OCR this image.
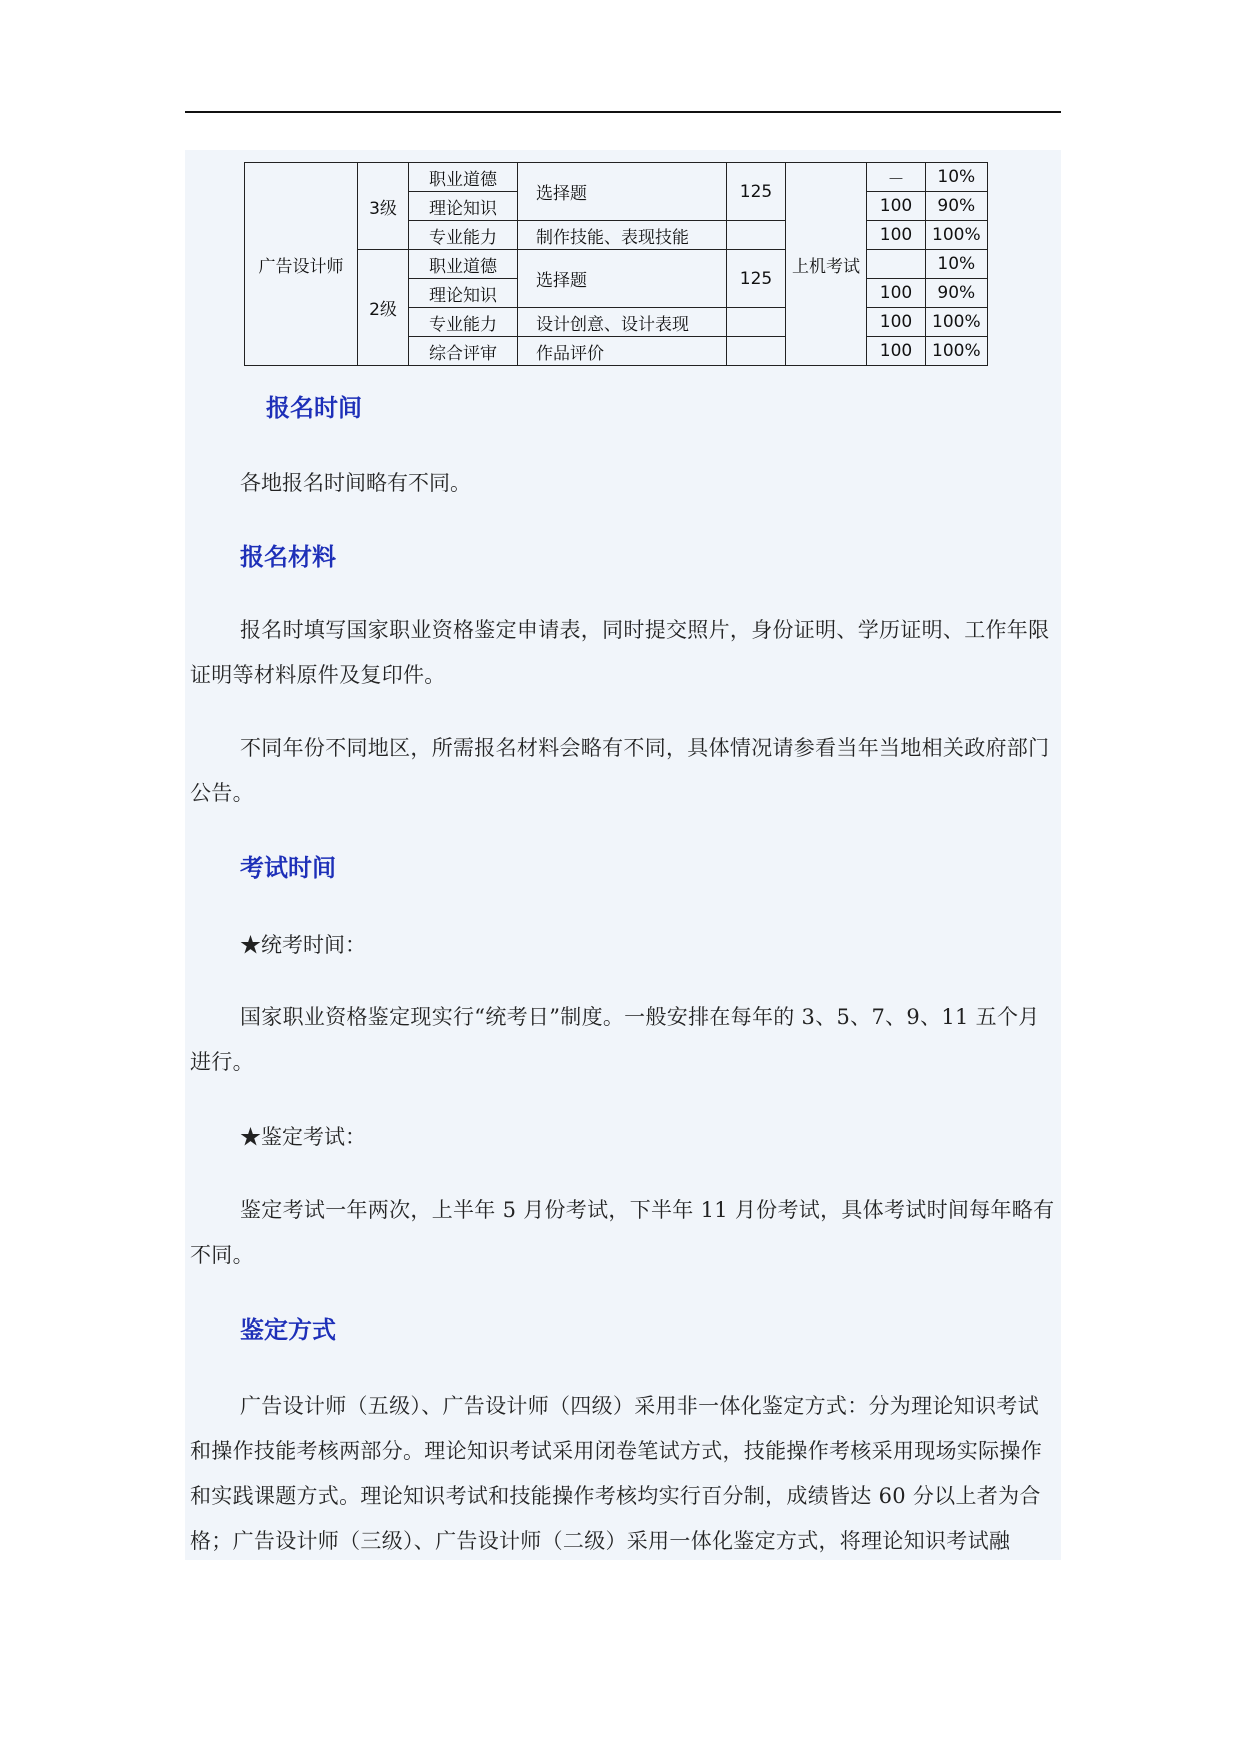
广告设计师	3级	职业道德	选择题	125	上机考试	－	10%
		理论知识				100	90%
		专业能力	制作技能、表现技能			100	100%
	2级	职业道德	选择题	125			10%
		理论知识				100	90%
		专业能力	设计创意、设计表现			100	100%
		综合评审	作品评价			100	100%
报名时间

各地报名时间略有不同。

报名材料

报名时填写国家职业资格鉴定申请表，同时提交照片，身份证明、学历证明、工作年限证明等材料原件及复印件。

不同年份不同地区，所需报名材料会略有不同，具体情况请参看当年当地相关政府部门公告。

考试时间

★统考时间：

国家职业资格鉴定现实行“统考日”制度。一般安排在每年的 3、5、7、9、11 五个月进行。

★鉴定考试：

鉴定考试一年两次，上半年 5 月份考试，下半年 11 月份考试，具体考试时间每年略有不同。

鉴定方式

广告设计师（五级）、广告设计师（四级）采用非一体化鉴定方式：分为理论知识考试和操作技能考核两部分。理论知识考试采用闭卷笔试方式，技能操作考核采用现场实际操作和实践课题方式。理论知识考试和技能操作考核均实行百分制，成绩皆达 60 分以上者为合格；广告设计师（三级）、广告设计师（二级）采用一体化鉴定方式，将理论知识考试融
